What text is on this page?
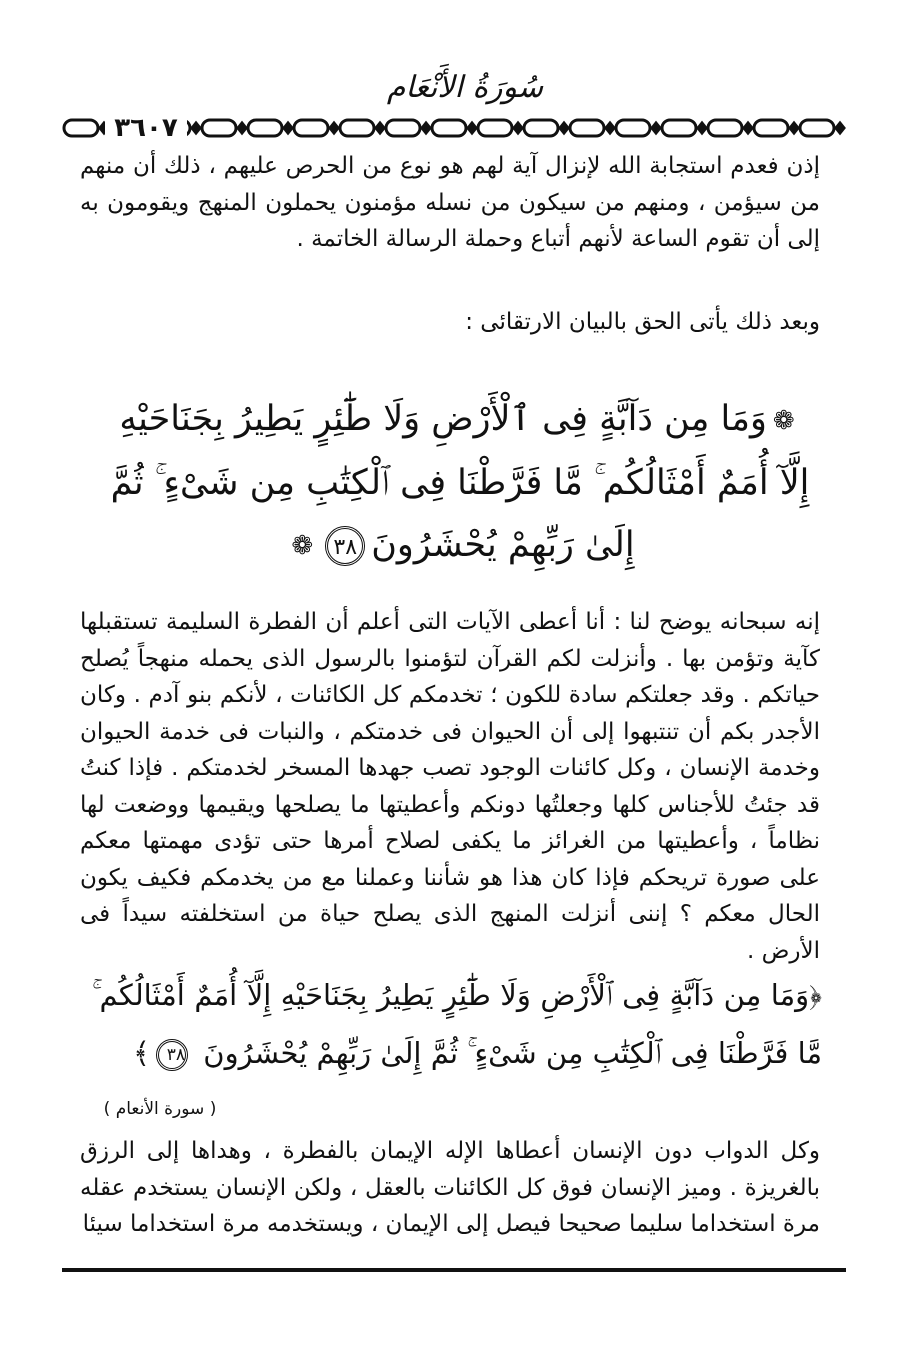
سُورَةُ الأَنْعَام
٣٦٠٧

إذن فعدم استجابة الله لإنزال آية لهم هو نوع من الحرص عليهم ، ذلك أن منهم من سيؤمن ، ومنهم من سيكون من نسله مؤمنون يحملون المنهج ويقومون به إلى أن تقوم الساعة لأنهم أتباع وحملة الرسالة الخاتمة .

وبعد ذلك يأتى الحق بالبيان الارتقائى :

❁وَمَا مِن دَآبَّةٍ فِى ٱلْأَرْضِ وَلَا طَٰٓئِرٍ يَطِيرُ بِجَنَاحَيْهِ
إِلَّآ أُمَمٌ أَمْثَالُكُم ۚ مَّا فَرَّطْنَا فِى ٱلْكِتَٰبِ مِن شَىْءٍ ۚ ثُمَّ
إِلَىٰ رَبِّهِمْ يُحْشَرُونَ٣٨❁

إنه سبحانه يوضح لنا : أنا أعطى الآيات التى أعلم أن الفطرة السليمة تستقبلها كآية وتؤمن بها . وأنزلت لكم القرآن لتؤمنوا بالرسول الذى يحمله منهجاً يُصلح حياتكم . وقد جعلتكم سادة للكون ؛ تخدمكم كل الكائنات ، لأنكم بنو آدم . وكان الأجدر بكم أن تنتبهوا إلى أن الحيوان فى خدمتكم ، والنبات فى خدمة الحيوان وخدمة الإنسان ، وكل كائنات الوجود تصب جهدها المسخر لخدمتكم . فإذا كنتُ قد جئتُ للأجناس كلها وجعلتُها دونكم وأعطيتها ما يصلحها ويقيمها ووضعت لها نظاماً ، وأعطيتها من الغرائز ما يكفى لصلاح أمرها حتى تؤدى مهمتها معكم على صورة تريحكم فإذا كان هذا هو شأننا وعملنا مع من يخدمكم فكيف يكون الحال معكم ؟ إننى أنزلت المنهج الذى يصلح حياة من استخلفته سيداً فى الأرض .

﴿وَمَا مِن دَآبَّةٍ فِى ٱلْأَرْضِ وَلَا طَٰٓئِرٍ يَطِيرُ بِجَنَاحَيْهِ إِلَّآ أُمَمٌ أَمْثَالُكُم ۚ مَّا فَرَّطْنَا فِى ٱلْكِتَٰبِ مِن شَىْءٍ ۚ ثُمَّ إِلَىٰ رَبِّهِمْ يُحْشَرُونَ ٣٨﴾

( سورة الأنعام )

وكل الدواب دون الإنسان أعطاها الإله الإيمان بالفطرة ، وهداها إلى الرزق بالغريزة . وميز الإنسان فوق كل الكائنات بالعقل ، ولكن الإنسان يستخدم عقله مرة استخداما سليما صحيحا فيصل إلى الإيمان ، ويستخدمه مرة استخداما سيئا
